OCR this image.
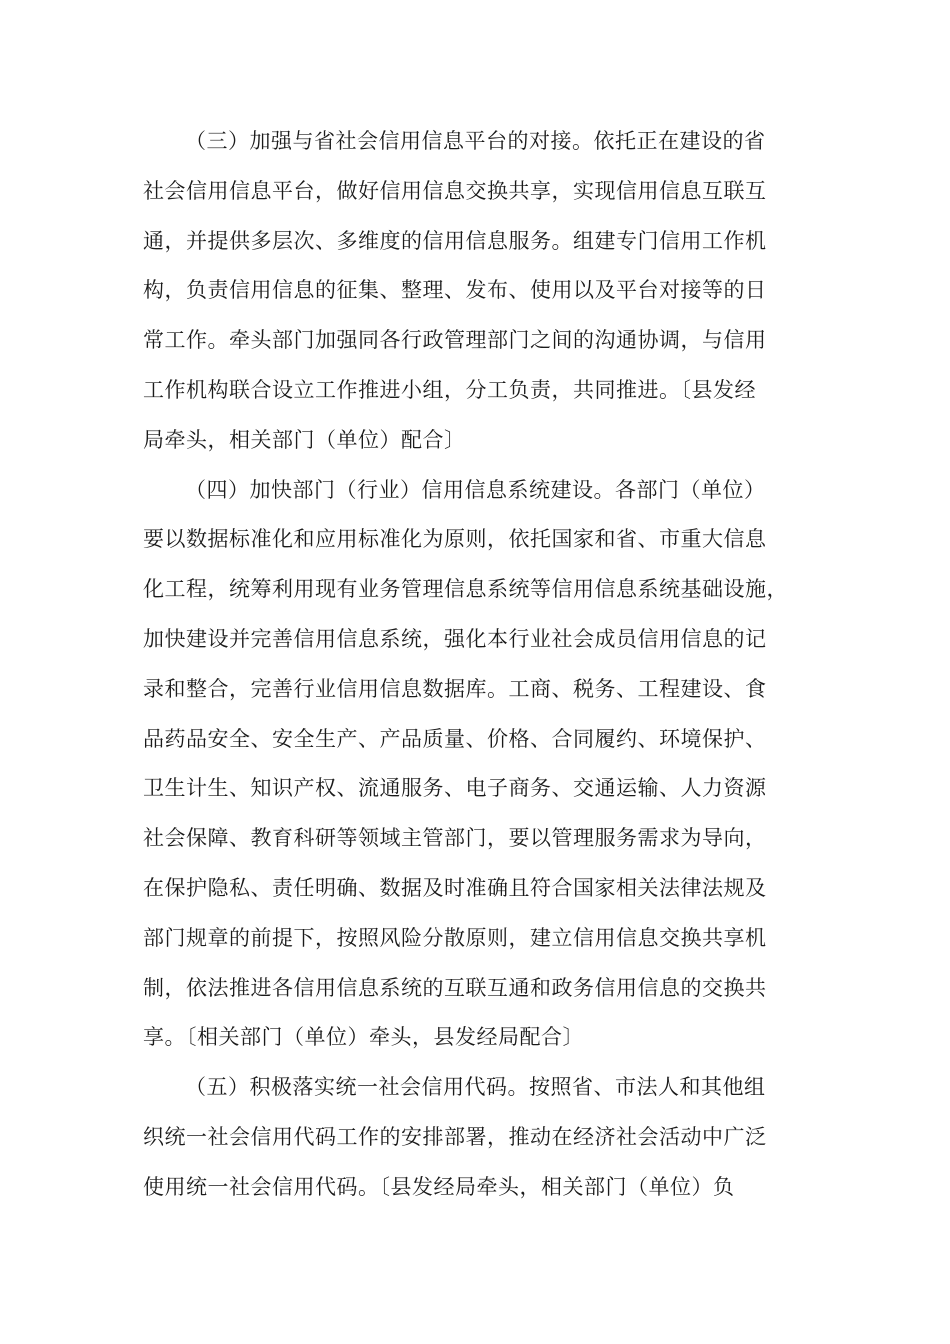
（三）加强与省社会信用信息平台的对接。依托正在建设的省
社会信用信息平台，做好信用信息交换共享，实现信用信息互联互
通，并提供多层次、多维度的信用信息服务。组建专门信用工作机
构，负责信用信息的征集、整理、发布、使用以及平台对接等的日
常工作。牵头部门加强同各行政管理部门之间的沟通协调，与信用
工作机构联合设立工作推进小组，分工负责，共同推进。〔县发经
局牵头，相关部门（单位）配合〕
（四）加快部门（行业）信用信息系统建设。各部门（单位）
要以数据标准化和应用标准化为原则，依托国家和省、市重大信息
化工程，统筹利用现有业务管理信息系统等信用信息系统基础设施，
加快建设并完善信用信息系统，强化本行业社会成员信用信息的记
录和整合，完善行业信用信息数据库。工商、税务、工程建设、食
品药品安全、安全生产、产品质量、价格、合同履约、环境保护、
卫生计生、知识产权、流通服务、电子商务、交通运输、人力资源
社会保障、教育科研等领域主管部门，要以管理服务需求为导向，
在保护隐私、责任明确、数据及时准确且符合国家相关法律法规及
部门规章的前提下，按照风险分散原则，建立信用信息交换共享机
制，依法推进各信用信息系统的互联互通和政务信用信息的交换共
享。〔相关部门（单位）牵头，县发经局配合〕
（五）积极落实统一社会信用代码。按照省、市法人和其他组
织统一社会信用代码工作的安排部署，推动在经济社会活动中广泛
使用统一社会信用代码。〔县发经局牵头，相关部门（单位）负
